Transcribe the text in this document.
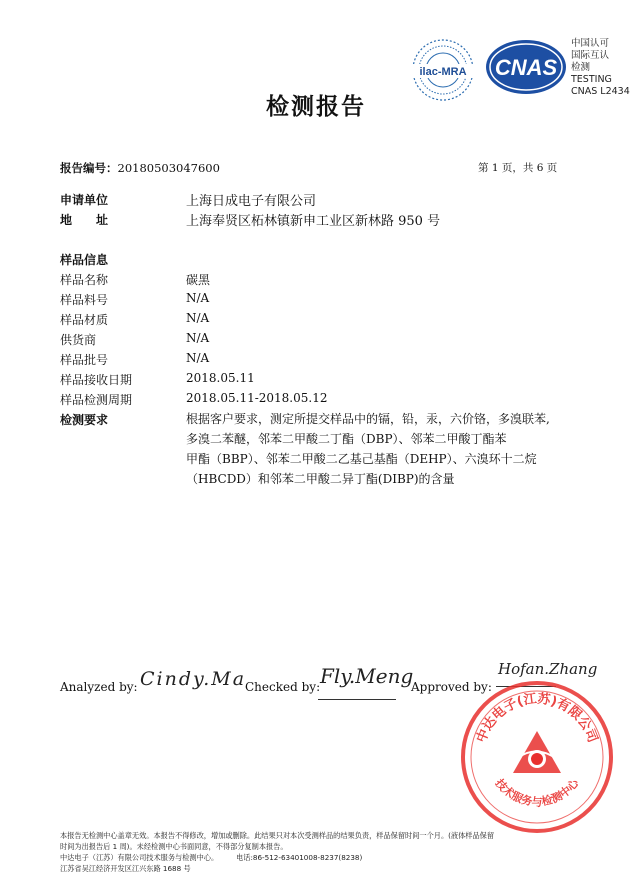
ilac-MRA CNAS
中国认可
国际互认
检测
TESTING
CNAS L2434
检测报告
报告编号：20180503047600	第 1 页，共 6 页
申请单位	上海日成电子有限公司
地　　址	上海奉贤区柘林镇新申工业区新林路 950 号
样品信息
样品名称	碳黑
样品料号	N/A
样品材质	N/A
供货商	N/A
样品批号	N/A
样品接收日期	2018.05.11
样品检测周期	2018.05.11-2018.05.12
检测要求	根据客户要求，测定所提交样品中的镉，铅，汞，六价铬，多溴联苯,
多溴二苯醚，邻苯二甲酸二丁酯（DBP）、邻苯二甲酸丁酯苯
甲酯（BBP）、邻苯二甲酸二乙基己基酯（DEHP）、六溴环十二烷
（HBCDD）和邻苯二甲酸二异丁酯(DIBP)的含量
Analyzed by: Cindy.Ma
Checked by: Fly.Meng
Approved by:
Hofan.Zhang
中达电子(江苏)有限公司
技术服务与检测中心
本报告无检测中心盖章无效。本报告不得修改，增加或删除。此结果只对本次受测样品的结果负责，样品保留时间一个月。(液体样品保留
时间为出报告后 1 周)。未经检测中心书面同意，不得部分复制本报告。
中达电子（江苏）有限公司技术服务与检测中心。　　　电话:86-512-63401008-8237(8238)
江苏省吴江经济开发区江兴东路 1688 号
